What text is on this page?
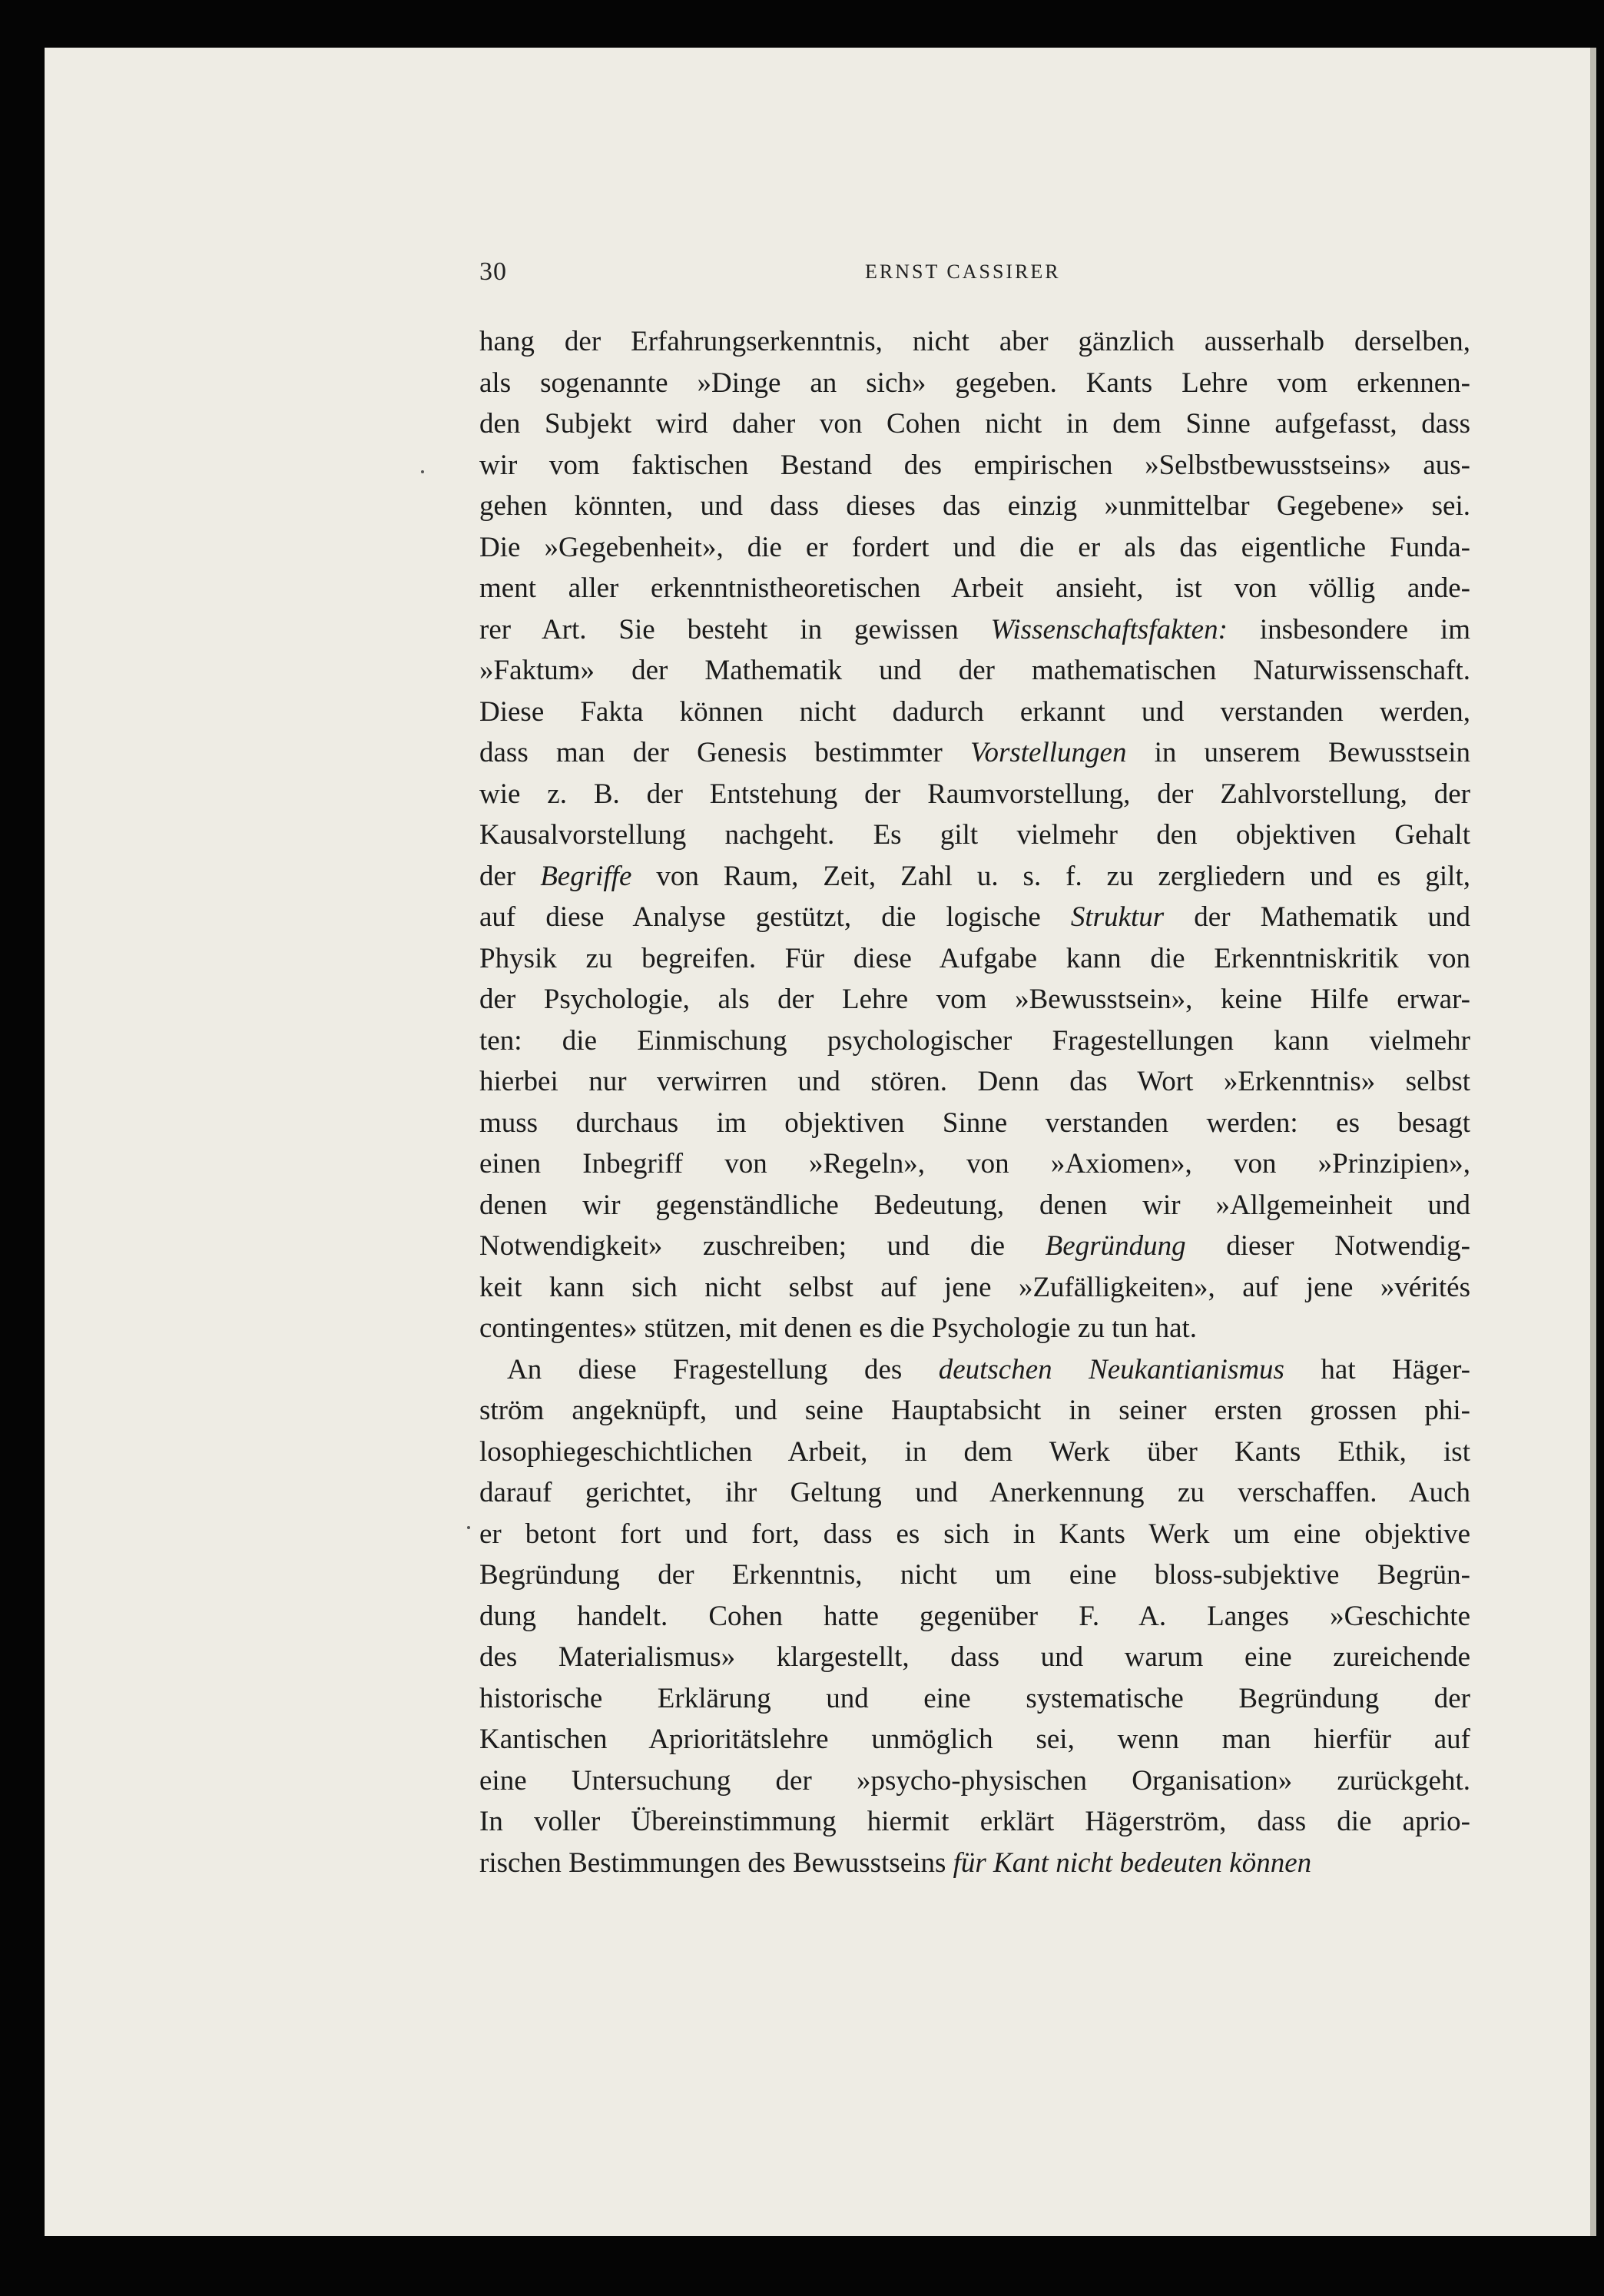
30	ERNST CASSIRER
hang der Erfahrungserkenntnis, nicht aber gänzlich ausserhalb derselben,
als sogenannte »Dinge an sich» gegeben. Kants Lehre vom erkennen-
den Subjekt wird daher von Cohen nicht in dem Sinne aufgefasst, dass
wir vom faktischen Bestand des empirischen »Selbstbewusstseins» aus-
gehen könnten, und dass dieses das einzig »unmittelbar Gegebene» sei.
Die »Gegebenheit», die er fordert und die er als das eigentliche Funda-
ment aller erkenntnistheoretischen Arbeit ansieht, ist von völlig ande-
rer Art. Sie besteht in gewissen Wissenschaftsfakten: insbesondere im
»Faktum» der Mathematik und der mathematischen Naturwissenschaft.
Diese Fakta können nicht dadurch erkannt und verstanden werden,
dass man der Genesis bestimmter Vorstellungen in unserem Bewusstsein
wie z. B. der Entstehung der Raumvorstellung, der Zahlvorstellung, der
Kausalvorstellung nachgeht. Es gilt vielmehr den objektiven Gehalt
der Begriffe von Raum, Zeit, Zahl u. s. f. zu zergliedern und es gilt,
auf diese Analyse gestützt, die logische Struktur der Mathematik und
Physik zu begreifen. Für diese Aufgabe kann die Erkenntniskritik von
der Psychologie, als der Lehre vom »Bewusstsein», keine Hilfe erwar-
ten: die Einmischung psychologischer Fragestellungen kann vielmehr
hierbei nur verwirren und stören. Denn das Wort »Erkenntnis» selbst
muss durchaus im objektiven Sinne verstanden werden: es besagt
einen Inbegriff von »Regeln», von »Axiomen», von »Prinzipien»,
denen wir gegenständliche Bedeutung, denen wir »Allgemeinheit und
Notwendigkeit» zuschreiben; und die Begründung dieser Notwendig-
keit kann sich nicht selbst auf jene »Zufälligkeiten», auf jene »vérités
contingentes» stützen, mit denen es die Psychologie zu tun hat.
An diese Fragestellung des deutschen Neukantianismus hat Häger-
ström angeknüpft, und seine Hauptabsicht in seiner ersten grossen phi-
losophiegeschichtlichen Arbeit, in dem Werk über Kants Ethik, ist
darauf gerichtet, ihr Geltung und Anerkennung zu verschaffen. Auch
er betont fort und fort, dass es sich in Kants Werk um eine objektive
Begründung der Erkenntnis, nicht um eine bloss-subjektive Begrün-
dung handelt. Cohen hatte gegenüber F. A. Langes »Geschichte
des Materialismus» klargestellt, dass und warum eine zureichende
historische Erklärung und eine systematische Begründung der
Kantischen Aprioritätslehre unmöglich sei, wenn man hierfür auf
eine Untersuchung der »psycho-physischen Organisation» zurückgeht.
In voller Übereinstimmung hiermit erklärt Hägerström, dass die aprio-
rischen Bestimmungen des Bewusstseins für Kant nicht bedeuten können
